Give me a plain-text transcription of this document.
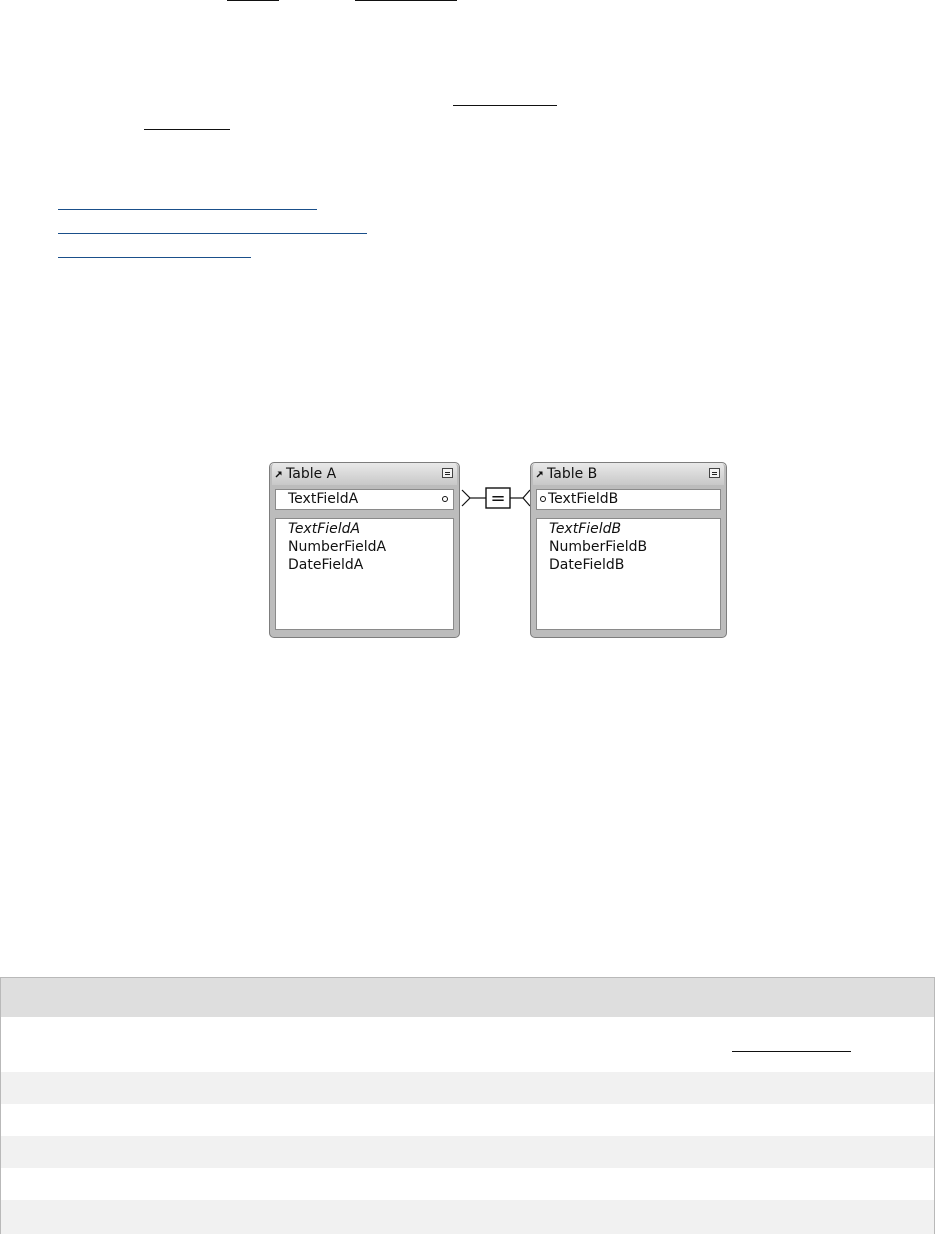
Table A
TextFieldA
TextFieldA
NumberFieldA
DateFieldA
=
Table B
TextFieldB
TextFieldB
NumberFieldB
DateFieldB
